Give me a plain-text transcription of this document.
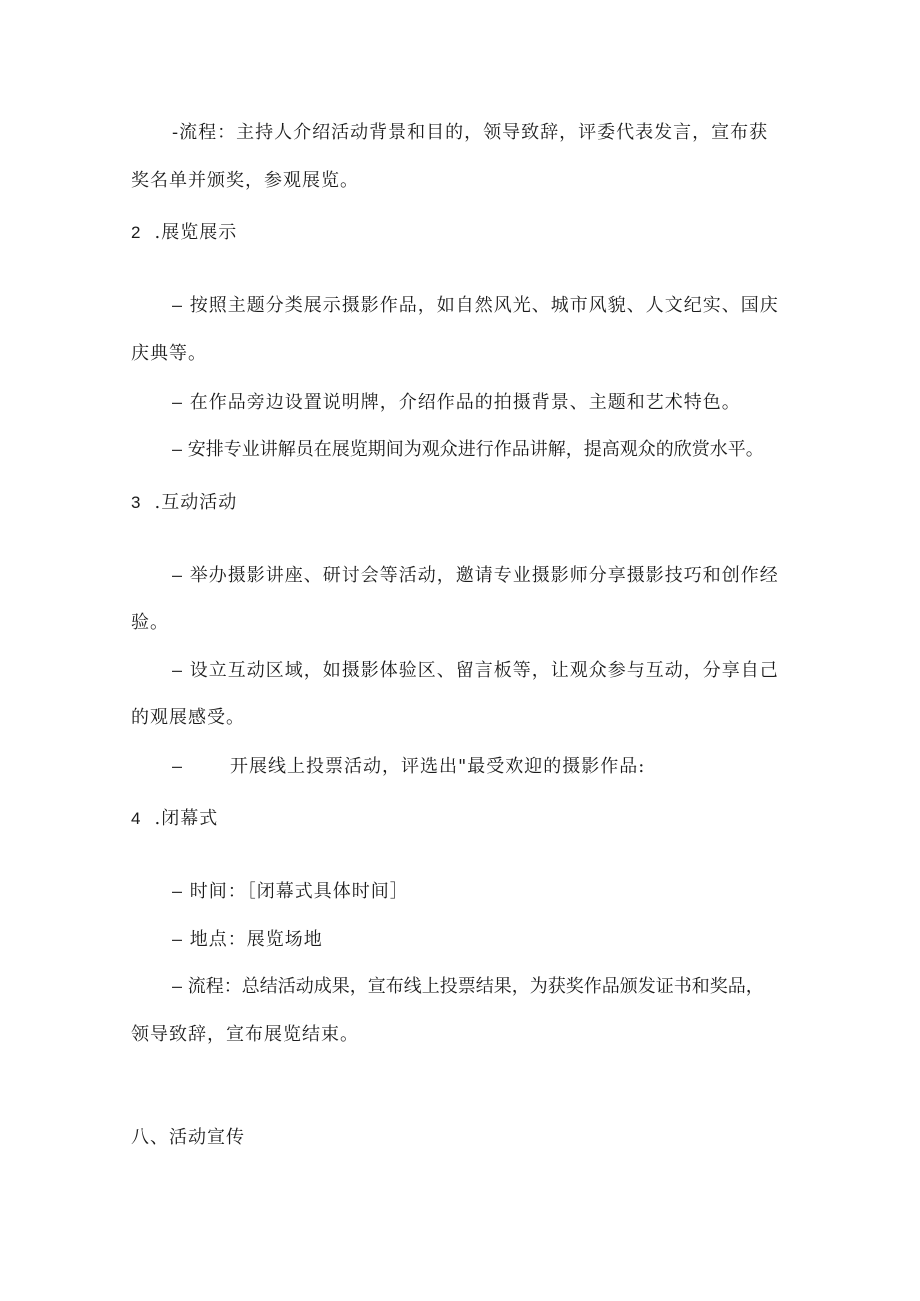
-流程：主持人介绍活动背景和目的，领导致辞，评委代表发言，宣布获
奖名单并颁奖，参观展览。
2 .展览展示
– 按照主题分类展示摄影作品，如自然风光、城市风貌、人文纪实、国庆
庆典等。
– 在作品旁边设置说明牌，介绍作品的拍摄背景、主题和艺术特色。
– 安排专业讲解员在展览期间为观众进行作品讲解，提高观众的欣赏水平。
3 .互动活动
– 举办摄影讲座、研讨会等活动，邀请专业摄影师分享摄影技巧和创作经
验。
– 设立互动区域，如摄影体验区、留言板等，让观众参与互动，分享自己
的观展感受。
–	开展线上投票活动，评选出"最受欢迎的摄影作品:
4 .闭幕式
– 时间：［闭幕式具体时间］
– 地点：展览场地
– 流程：总结活动成果，宣布线上投票结果，为获奖作品颁发证书和奖品，
领导致辞，宣布展览结束。
八、活动宣传
